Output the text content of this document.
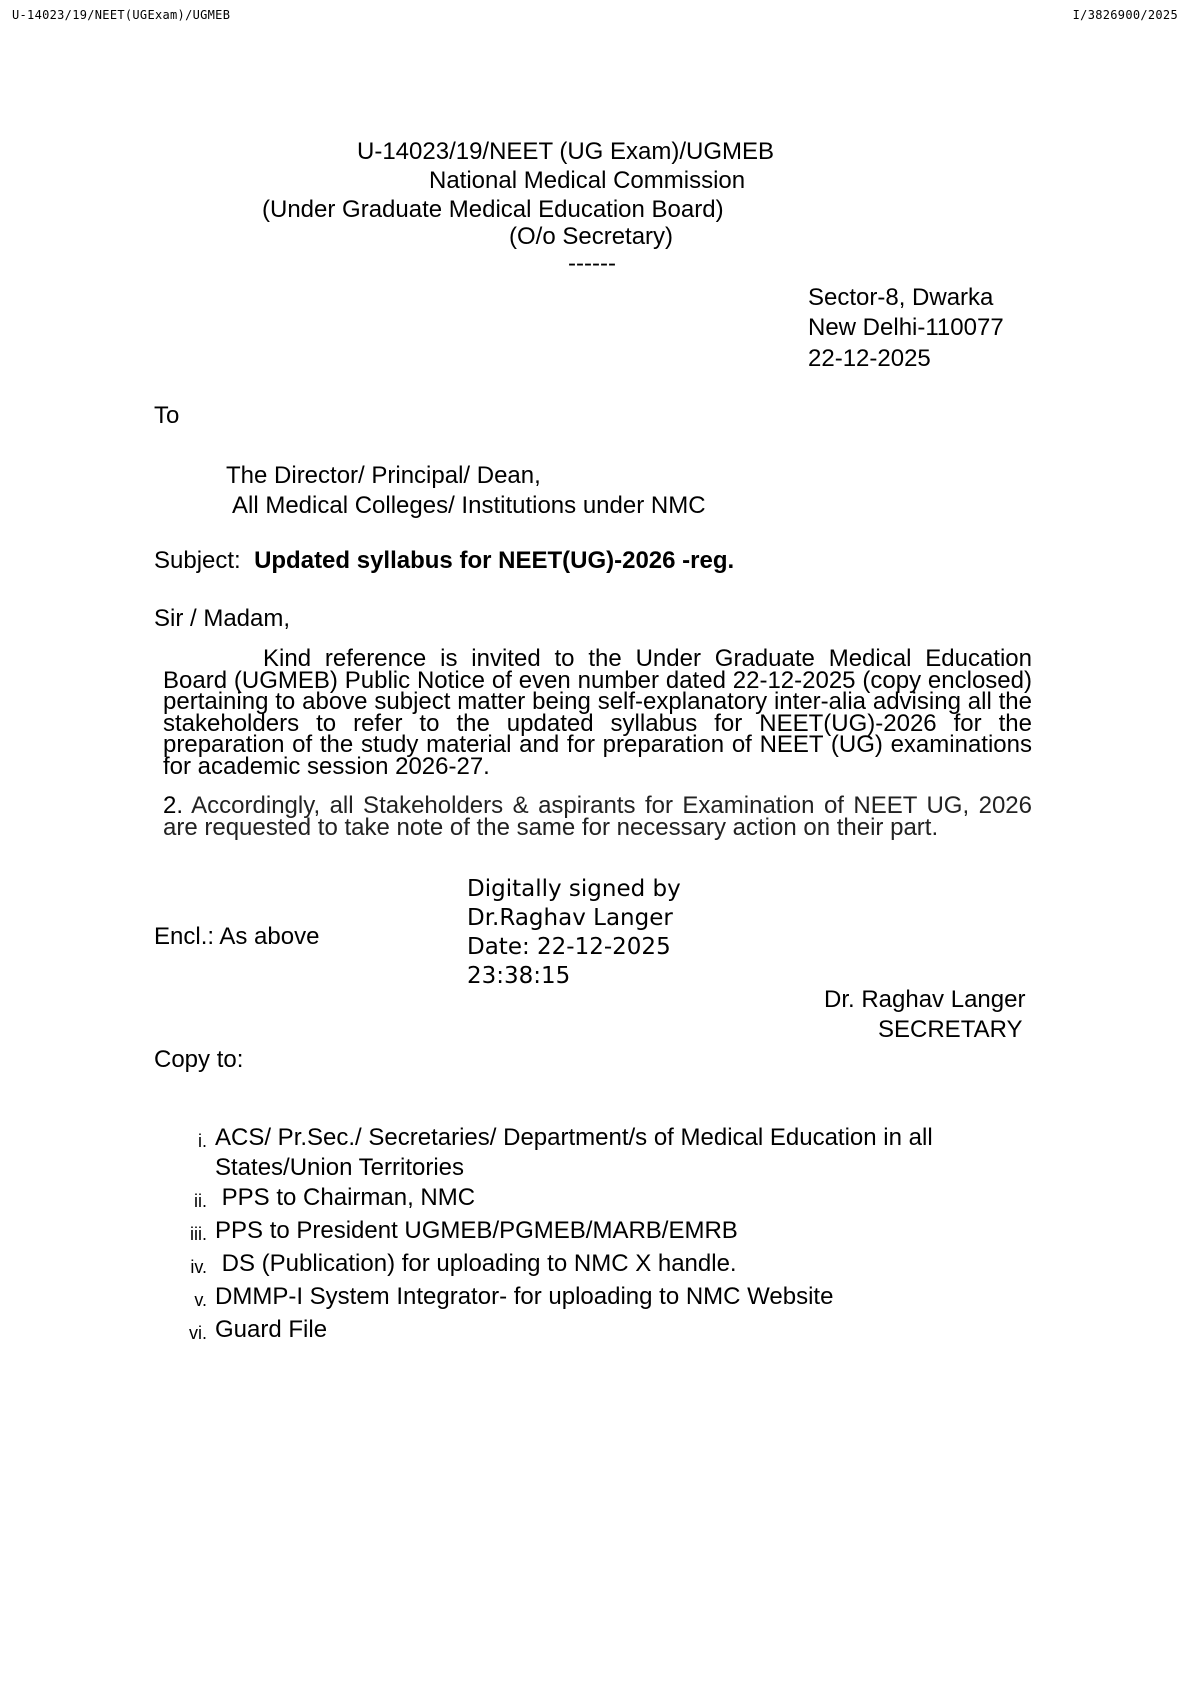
U-14023/19/NEET(UGExam)/UGMEB	I/3826900/2025
U-14023/19/NEET (UG Exam)/UGMEB
National Medical Commission
(Under Graduate Medical Education Board)
(O/o Secretary)
------
Sector-8, Dwarka
New Delhi-110077
22-12-2025
To
The Director/ Principal/ Dean,
All Medical Colleges/ Institutions under NMC
Subject: Updated syllabus for NEET(UG)-2026 -reg.
Sir / Madam,
Kind reference is invited to the Under Graduate Medical Education Board (UGMEB) Public Notice of even number dated 22-12-2025 (copy enclosed) pertaining to above subject matter being self-explanatory inter-alia advising all the stakeholders to refer to the updated syllabus for NEET(UG)-2026 for the preparation of the study material and for preparation of NEET (UG) examinations for academic session 2026-27.
2. Accordingly, all Stakeholders & aspirants for Examination of NEET UG, 2026 are requested to take note of the same for necessary action on their part.
Encl.: As above
Digitally signed by
Dr.Raghav Langer
Date: 22-12-2025
23:38:15
Dr. Raghav Langer
SECRETARY
Copy to:
i. ACS/ Pr.Sec./ Secretaries/ Department/s of Medical Education in all States/Union Territories
ii. PPS to Chairman, NMC
iii. PPS to President UGMEB/PGMEB/MARB/EMRB
iv. DS (Publication) for uploading to NMC X handle.
v. DMMP-I System Integrator- for uploading to NMC Website
vi. Guard File
